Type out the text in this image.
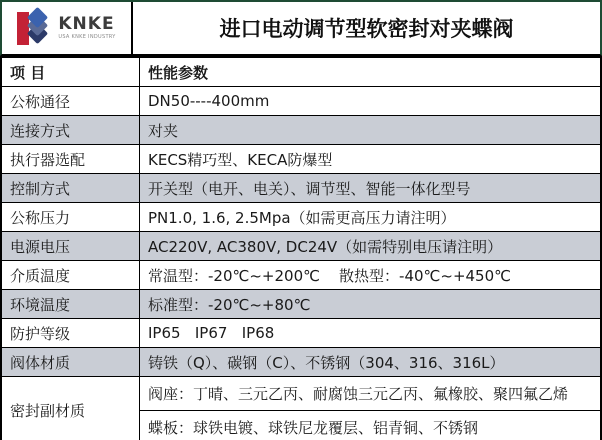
KNKE
USA KNKE INDUSTRY	进口电动调节型软密封对夹蝶阀
项 目	性能参数
公称通径	DN50----400mm
连接方式	对夹
执行器选配	KECS精巧型、KECA防爆型
控制方式	开关型（电开、电关）、调节型、智能一体化型号
公称压力	PN1.0, 1.6, 2.5Mpa（如需更高压力请注明）
电源电压	AC220V, AC380V, DC24V（如需特别电压请注明）
介质温度	常温型：-20℃~+200℃    散热型：-40℃~+450℃
环境温度	标准型：-20℃~+80℃
防护等级	IP65   IP67   IP68
阀体材质	铸铁（Q）、碳钢（C）、不锈钢（304、316、316L）
密封副材质	阀座：丁晴、三元乙丙、耐腐蚀三元乙丙、氟橡胶、聚四氟乙烯
	蝶板：球铁电镀、球铁尼龙覆层、铝青铜、不锈钢
